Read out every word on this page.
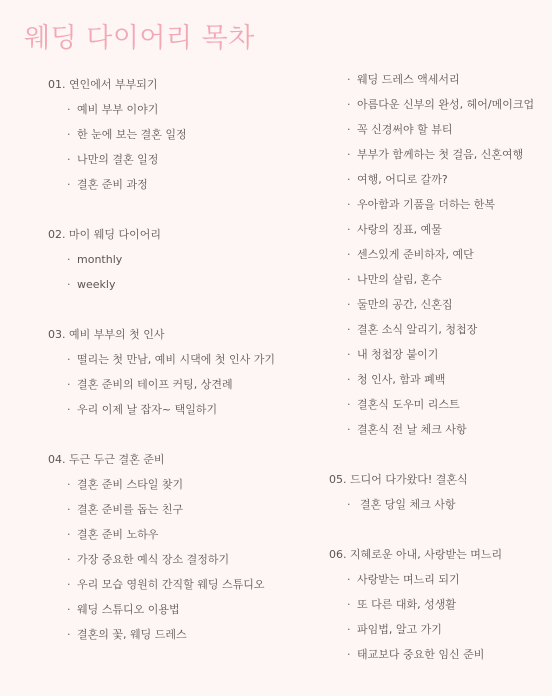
웨딩 다이어리 목차
01. 연인에서 부부되기
· 예비 부부 이야기
· 한 눈에 보는 결혼 일정
· 나만의 결혼 일정
· 결혼 준비 과정
02. 마이 웨딩 다이어리
· monthly
· weekly
03. 예비 부부의 첫 인사
· 떨리는 첫 만남, 예비 시댁에 첫 인사 가기
· 결혼 준비의 테이프 커팅, 상견례
· 우리 이제 날 잡자~ 택일하기
04. 두근 두근 결혼 준비
· 결혼 준비 스타일 찾기
· 결혼 준비를 돕는 친구
· 결혼 준비 노하우
· 가장 중요한 예식 장소 결정하기
· 우리 모습 영원히 간직할 웨딩 스튜디오
· 웨딩 스튜디오 이용법
· 결혼의 꽃, 웨딩 드레스
· 웨딩 드레스 액세서리
· 아름다운 신부의 완성, 헤어/메이크업
· 꼭 신경써야 할 뷰티
· 부부가 함께하는 첫 걸음, 신혼여행
· 여행, 어디로 갈까?
· 우아함과 기품을 더하는 한복
· 사랑의 징표, 예물
· 센스있게 준비하자, 예단
· 나만의 살림, 혼수
· 둘만의 공간, 신혼집
· 결혼 소식 알리기, 청첩장
· 내 청첩장 붙이기
· 청 인사, 함과 폐백
· 결혼식 도우미 리스트
· 결혼식 전 날 체크 사항
05. 드디어 다가왔다! 결혼식
· 결혼 당일 체크 사항
06. 지혜로운 아내, 사랑받는 며느리
· 사랑받는 며느리 되기
· 또 다른 대화, 성생활
· 파임법, 알고 가기
· 태교보다 중요한 임신 준비
